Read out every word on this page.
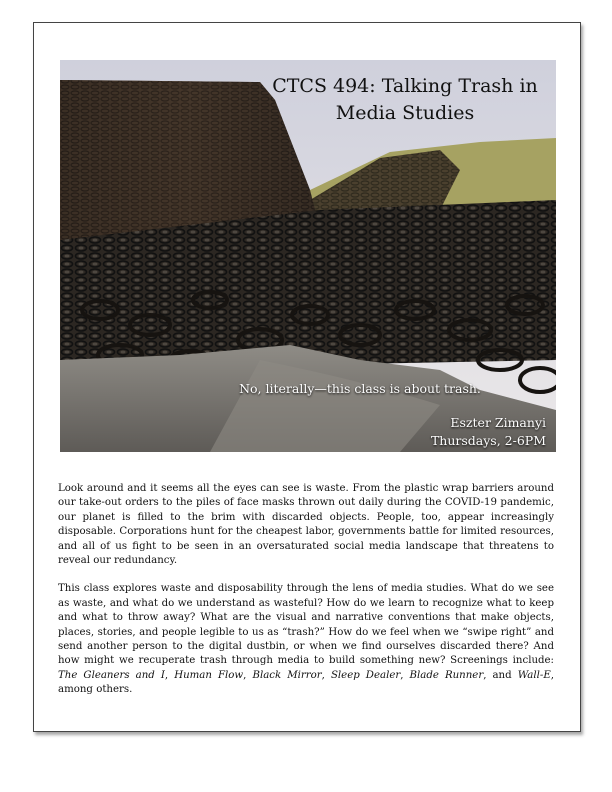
CTCS 494: Talking Trash in Media Studies
No, literally—this class is about trash.
Eszter Zimanyi
Thursdays, 2-6PM

Look around and it seems all the eyes can see is waste. From the plastic wrap barriers around our take-out orders to the piles of face masks thrown out daily during the COVID-19 pandemic, our planet is filled to the brim with discarded objects. People, too, appear increasingly disposable. Corporations hunt for the cheapest labor, governments battle for limited resources, and all of us fight to be seen in an oversaturated social media landscape that threatens to reveal our redundancy.

This class explores waste and disposability through the lens of media studies. What do we see as waste, and what do we understand as wasteful? How do we learn to recognize what to keep and what to throw away? What are the visual and narrative conventions that make objects, places, stories, and people legible to us as “trash?” How do we feel when we “swipe right” and send another person to the digital dustbin, or when we find ourselves discarded there? And how might we recuperate trash through media to build something new? Screenings include: The Gleaners and I, Human Flow, Black Mirror, Sleep Dealer, Blade Runner, and Wall-E, among others.
